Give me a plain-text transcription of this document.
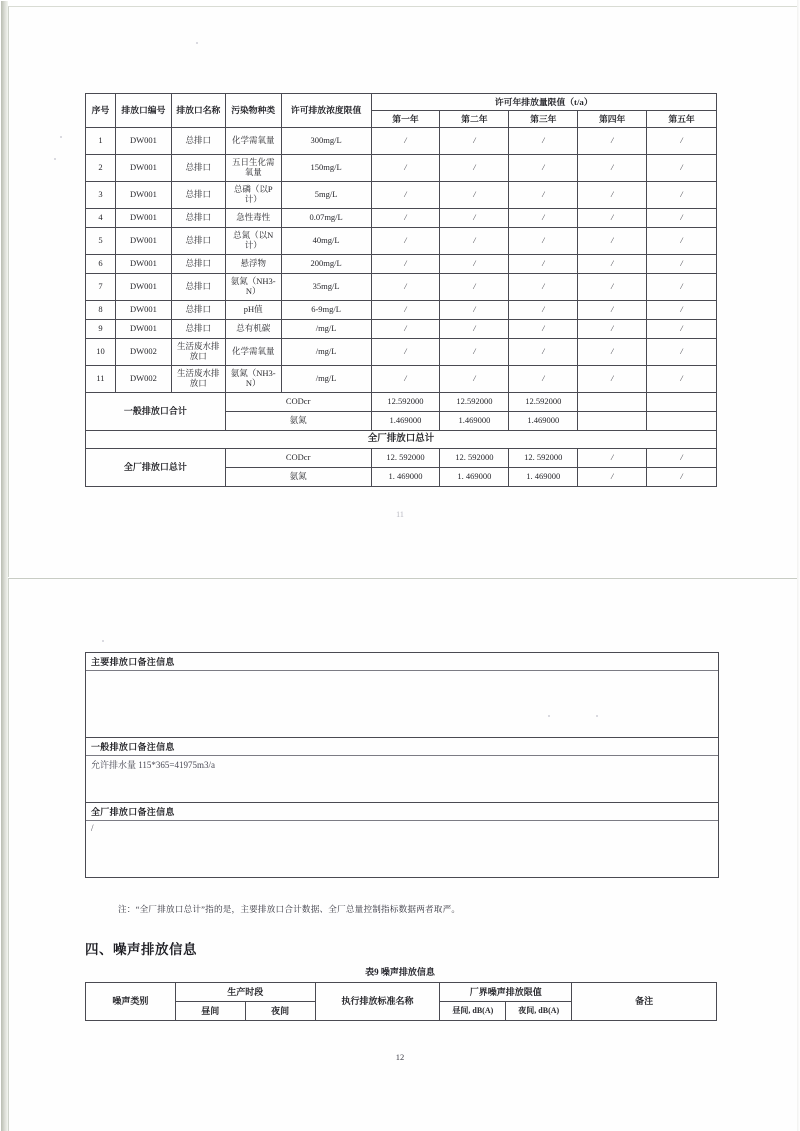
序号	排放口编号	排放口名称	污染物种类	许可排放浓度限值	许可年排放量限值（t/a）				
					第一年	第二年	第三年	第四年	第五年
1	DW001	总排口	化学需氧量	300mg/L	/	/	/	/	/
2	DW001	总排口	五日生化需氧量	150mg/L	/	/	/	/	/
3	DW001	总排口	总磷（以P计）	5mg/L	/	/	/	/	/
4	DW001	总排口	急性毒性	0.07mg/L	/	/	/	/	/
5	DW001	总排口	总氮（以N计）	40mg/L	/	/	/	/	/
6	DW001	总排口	悬浮物	200mg/L	/	/	/	/	/
7	DW001	总排口	氨氮（NH3-N）	35mg/L	/	/	/	/	/
8	DW001	总排口	pH值	6-9mg/L	/	/	/	/	/
9	DW001	总排口	总有机碳	/mg/L	/	/	/	/	/
10	DW002	生活废水排放口	化学需氧量	/mg/L	/	/	/	/	/
11	DW002	生活废水排放口	氨氮（NH3-N）	/mg/L	/	/	/	/	/
一般排放口合计			CODcr		12.592000	12.592000	12.592000		
			氨氮		1.469000	1.469000	1.469000		
全厂排放口总计									
全厂排放口总计			CODcr		12. 592000	12. 592000	12. 592000	/	/
			氨氮		1. 469000	1. 469000	1. 469000	/	/
11
主要排放口备注信息
一般排放口备注信息
允许排水量 115*365=41975m3/a
全厂排放口备注信息
/
注：“全厂排放口总计”指的是，主要排放口合计数据、全厂总量控制指标数据两者取严。
四、噪声排放信息
表9 噪声排放信息
噪声类别	生产时段		执行排放标准名称	厂界噪声排放限值		备注
	昼间	夜间		昼间, dB(A)	夜间, dB(A)	
12
